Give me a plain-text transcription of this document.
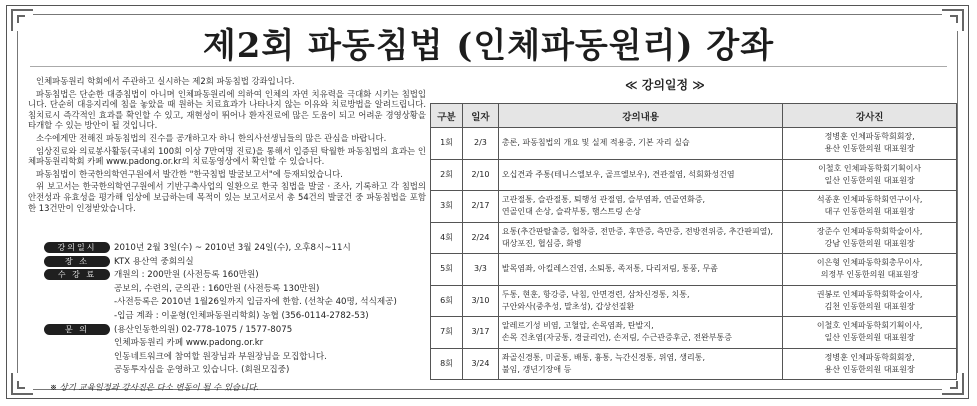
제2회 파동침법 (인체파동원리) 강좌

인체파동원리 학회에서 주관하고 실시하는 제2회 파동침법 강좌입니다.

파동침법은 단순한 대증침법이 아니며 인체파동원리에 의하여 인체의 자연 치유력을 극대화 시키는 침법입니다. 단순히 대응지리에 침을 놓았을 때 원하는 치료효과가 나타나지 않는 이유와 치료방법을 알려드립니다. 침치료시 즉각적인 효과를 확인할 수 있고, 재현성이 뛰어나 환자진료에 많은 도움이 되고 어려운 경영상황을 타개할 수 있는 방안이 될 것입니다.

소수에게만 전해진 파동침법의 진수를 공개하고자 하니 한의사선생님들의 많은 관심을 바랍니다.

임상진료와 의료봉사활동(국내외 100회 이상 7만여명 진료)을 통해서 입증된 탁월한 파동침법의 효과는 인체파동원리학회 카페 www.padong.or.kr의 치료동영상에서 확인할 수 있습니다.

파동침법이 한국한의학연구원에서 발간한 "한국침법 발굴보고서"에 등재되었습니다.

위 보고서는 한국한의학연구원에서 기반구축사업의 일환으로 한국 침법을 발굴 · 조사, 기록하고 각 침법의 안전성과 유효성을 평가해 임상에 보급하는데 목적이 있는 보고서로서 총 54건의 발굴건 중 파동침법을 포함한 13건만이 인정받았습니다.

강의일시	2010년 2월 3일(수) ~ 2010년 3월 24일(수), 오후8시~11시
장 소	KTX 용산역 중회의실
수 강 료	개원의 : 200만원 (사전등록 160만원)
공보의, 수련의, 군의관 : 160만원 (사전등록 130만원)
-사전등록은 2010년 1월26일까지 입금자에 한함. (선착순 40명, 석식제공)
-입금 계좌 : 이윤형(인체파동원리학회) 농협 (356-0114-2782-53)
문 의	(용산인동한의원) 02-778-1075 / 1577-8075
인체파동원리 카페 www.padong.or.kr
인동네트워크에 참여할 원장님과 부원장님을 모집합니다.
공동투자심을 운영하고 있습니다. (회원모집중)
※ 상기 교육일정과 강사진은 다소 변동이 될 수 있습니다.
≪ 강의일정 ≫
구분	일자	강의내용	강사진
1회	2/3	총론, 파동침법의 개요 및 실제 적용증, 기본 자리 실습	정병훈 인체파동학회회장,
용산 인동한의원 대표원장
2회	2/10	오십견과 주통(테니스엘보우, 골프엘보우), 견관절염, 석회화성건염	이철호 인체파동학회기획이사
일산 인동한의원 대표원장
3회	2/17	고관절통, 슬관절통, 퇴행성 관절염, 슬부염좌, 연골연화증,
연골인대 손상, 슬곽부통, 햄스트링 손상	석종훈 인체파동학회연구이사,
대구 인동한의원 대표원장
4회	2/24	요통(추간판탈출증, 협착증, 전만증, 후만증, 측만증, 전방전위증, 추간판피열), 대상포진, 협심증, 화병	장준수 인체파동학회학술이사,
강남 인동한의원 대표원장
5회	3/3	발목염좌, 아킬레스건염, 소퇴통, 족저통, 다리저림, 통풍, 무좀	이은형 인체파동학회총무이사,
의정부 인동한의원 대표원장
6회	3/10	두통, 현훈, 항강증, 낙침, 안면경련, 삼차신경통, 치통,
구안와사(중추성, 말초성), 갑상선질환	권봉로 인체파동학회학술이사,
김천 인동한의원 대표원장
7회	3/17	알레르기성 비염, 고혈압, 손목염좌, 탄발지,
손목 건초염(자궁통, 경글리언), 손저림, 수근관증후군, 전완부통증	이철호 인체파동학회기획이사,
일산 인동한의원 대표원장
8회	3/24	좌골신경통, 미골통, 배통, 흉통, 늑간신경통, 위염, 생리통,
불임, 갱년기장애 등	정병훈 인체파동학회회장,
용산 인동한의원 대표원장
